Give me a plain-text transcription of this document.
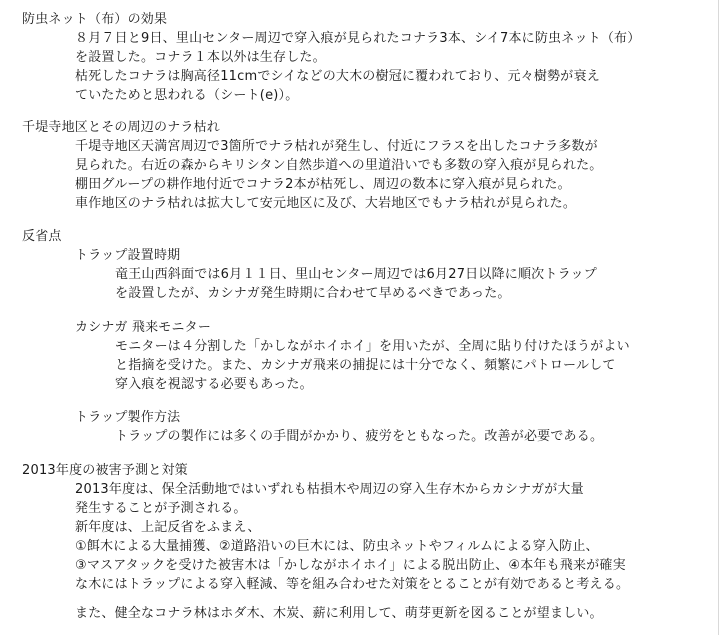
防虫ネット（布）の効果
８月７日と9日、里山センター周辺で穿入痕が見られたコナラ3本、シイ7本に防虫ネット（布）
を設置した。コナラ１本以外は生存した。
枯死したコナラは胸高径11cmでシイなどの大木の樹冠に覆われており、元々樹勢が衰え
ていたためと思われる（シート(e)）。
千堤寺地区とその周辺のナラ枯れ
千堤寺地区天満宮周辺で3箇所でナラ枯れが発生し、付近にフラスを出したコナラ多数が
見られた。右近の森からキリシタン自然歩道への里道沿いでも多数の穿入痕が見られた。
棚田グループの耕作地付近でコナラ2本が枯死し、周辺の数本に穿入痕が見られた。
車作地区のナラ枯れは拡大して安元地区に及び、大岩地区でもナラ枯れが見られた。
反省点
トラップ設置時期
竜王山西斜面では6月１１日、里山センター周辺では6月27日以降に順次トラップ
を設置したが、カシナガ発生時期に合わせて早めるべきであった。
カシナガ 飛来モニター
モニターは４分割した「かしながホイホイ」を用いたが、全周に貼り付けたほうがよい
と指摘を受けた。また、カシナガ飛来の捕捉には十分でなく、頻繁にパトロールして
穿入痕を視認する必要もあった。
トラップ製作方法
トラップの製作には多くの手間がかかり、疲労をともなった。改善が必要である。
2013年度の被害予測と対策
2013年度は、保全活動地ではいずれも枯損木や周辺の穿入生存木からカシナガが大量
発生することが予測される。
新年度は、上記反省をふまえ、
①餌木による大量捕獲、②道路沿いの巨木には、防虫ネットやフィルムによる穿入防止、
③マスアタックを受けた被害木は「かしながホイホイ」による脱出防止、④本年も飛来が確実
な木にはトラップによる穿入軽減、等を組み合わせた対策をとることが有効であると考える。
また、健全なコナラ林はホダ木、木炭、薪に利用して、萌芽更新を図ることが望ましい。
